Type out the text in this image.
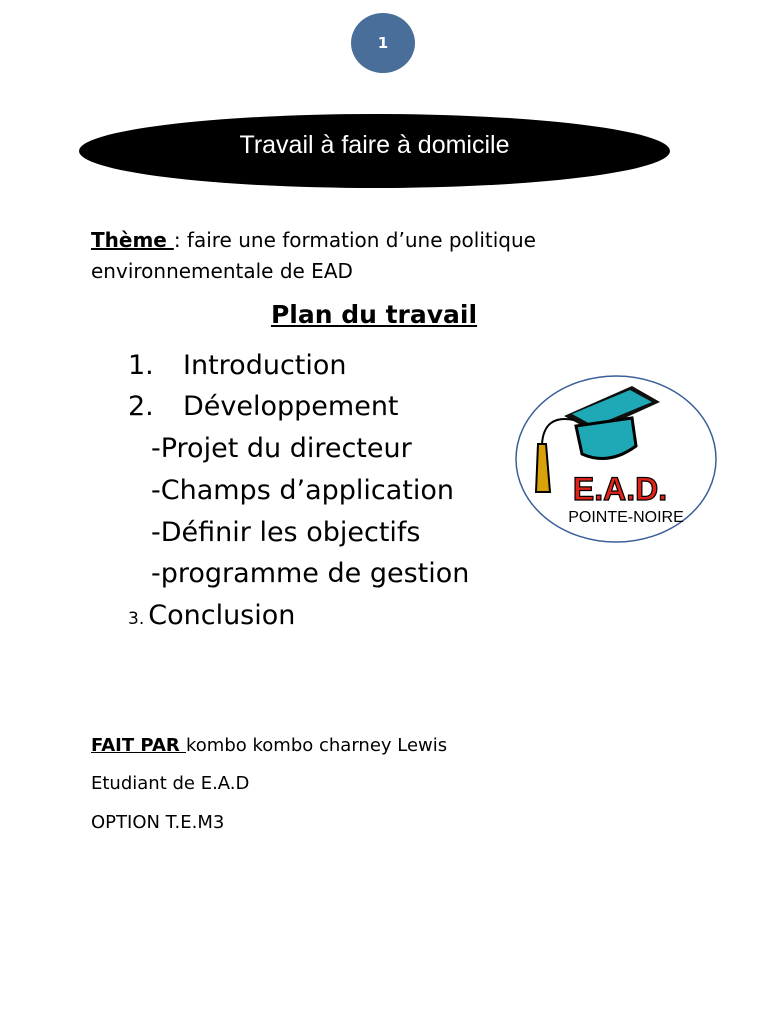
1
Travail à faire à domicile
Thème : faire une formation d’une politique environnementale de EAD
Plan du travail
1. Introduction
2. Développement
-Projet du directeur
-Champs d’application
-Définir les objectifs
-programme de gestion
3. Conclusion
E.A.D.
POINTE-NOIRE
FAIT PAR kombo kombo charney Lewis
Etudiant de E.A.D
OPTION T.E.M3
